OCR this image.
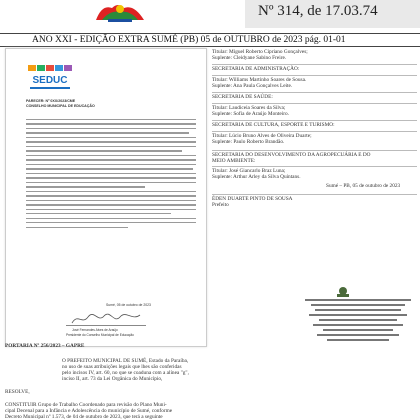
Nº 314, de 17.03.74
ANO XXI - EDIÇÃO EXTRA SUMÉ (PB) 05 de OUTUBRO de 2023 pág. 01-01
SEDUC
PARECER: Nº 0XX/2023/CME
CONSELHO MUNICIPAL DE EDUCAÇÃO
Sumé, 05 de outubro de 2023
José Fernandes Alves de Araújo
Presidente do Conselho Municipal de Educação
Titular: Miguel Roberto Cipriano Gonçalves;
Suplente: Cleidyane Sabino Freire.
SECRETARIA DE ADMINISTRAÇÃO:
Titular: Williams Martinho Soares de Sousa.
Suplente: Ana Paula Gonçalves Leite.
SECRETARIA DE SAÚDE:
Titular: Laudiceia Soares da Silva;
Suplente: Sofia de Araújo Monteiro.
SECRETARIA DE CULTURA, ESPORTE E TURISMO:
Titular: Lúcio Bruno Alves de Oliveira Duarte;
Suplente: Paulo Roberto Brandão.
SECRETARIA DO DESENVOLVIMENTO DA AGROPECUÁRIA E DO
MEIO AMBIENTE:
Titular: José Giancarlo Braz Luna;
Suplente: Arthur Arley da Silva Quintans.
Sumé – PB, 05 de outubro de 2023
ÉDEN DUARTE PINTO DE SOUSA
Prefeito
PORTARIA Nº 256/2023 – GAPRE
O PREFEITO MUNICIPAL DE SUMÉ, Estado da Paraíba,
no uso de suas atribuições legais que lhes são conferidas
pelo incisos IV, art. 60, no que se coaduna com a alínea "g",
inciso II, art. 73 da Lei Orgânica do Município,
RESOLVE,
CONSTITUIR Grupo de Trabalho Coordenado para revisão do Plano Muni-
cipal Decenal para a Infância e Adolescência do município de Sumé, conforme
Decreto Municipal nº 1.573, de 04 de outubro de 2023, que terá a seguinte
